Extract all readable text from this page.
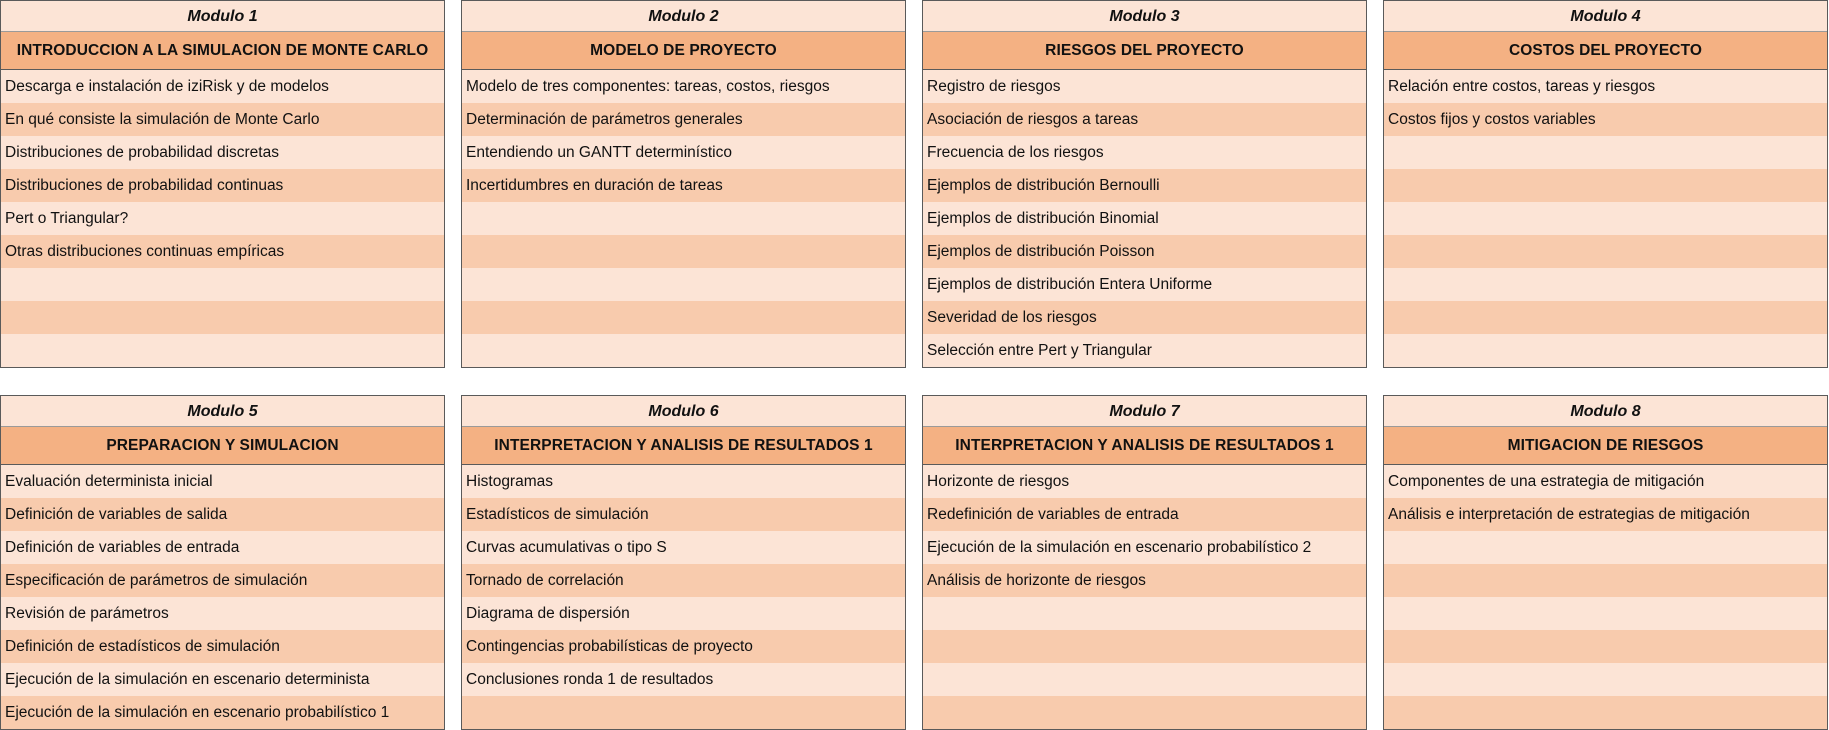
Modulo 1
INTRODUCCION A LA SIMULACION DE MONTE CARLO
Descarga e instalación de iziRisk y de modelos
En qué consiste la simulación de Monte Carlo
Distribuciones de probabilidad discretas
Distribuciones de probabilidad continuas
Pert o Triangular?
Otras distribuciones continuas empíricas
Modulo 2
MODELO DE PROYECTO
Modelo de tres componentes: tareas, costos, riesgos
Determinación de parámetros generales
Entendiendo un GANTT determinístico
Incertidumbres en duración de tareas
Modulo 3
RIESGOS DEL PROYECTO
Registro de riesgos
Asociación de riesgos a tareas
Frecuencia de los riesgos
Ejemplos de distribución Bernoulli
Ejemplos de distribución Binomial
Ejemplos de distribución Poisson
Ejemplos de distribución Entera Uniforme
Severidad de los riesgos
Selección entre Pert y Triangular
Modulo 4
COSTOS DEL PROYECTO
Relación entre costos, tareas y riesgos
Costos fijos y costos variables
Modulo 5
PREPARACION Y SIMULACION
Evaluación determinista inicial
Definición de variables de salida
Definición de variables de entrada
Especificación de parámetros de simulación
Revisión de parámetros
Definición de estadísticos de simulación
Ejecución de la simulación en escenario determinista
Ejecución de la simulación en escenario probabilístico 1
Modulo 6
INTERPRETACION Y ANALISIS DE RESULTADOS 1
Histogramas
Estadísticos de simulación
Curvas acumulativas o tipo S
Tornado de correlación
Diagrama de dispersión
Contingencias probabilísticas de proyecto
Conclusiones ronda 1 de resultados
Modulo 7
INTERPRETACION Y ANALISIS DE RESULTADOS 1
Horizonte de riesgos
Redefinición de variables de entrada
Ejecución de la simulación en escenario probabilístico 2
Análisis de horizonte de riesgos
Modulo 8
MITIGACION DE RIESGOS
Componentes de una estrategia de mitigación
Análisis e interpretación de estrategias de mitigación
